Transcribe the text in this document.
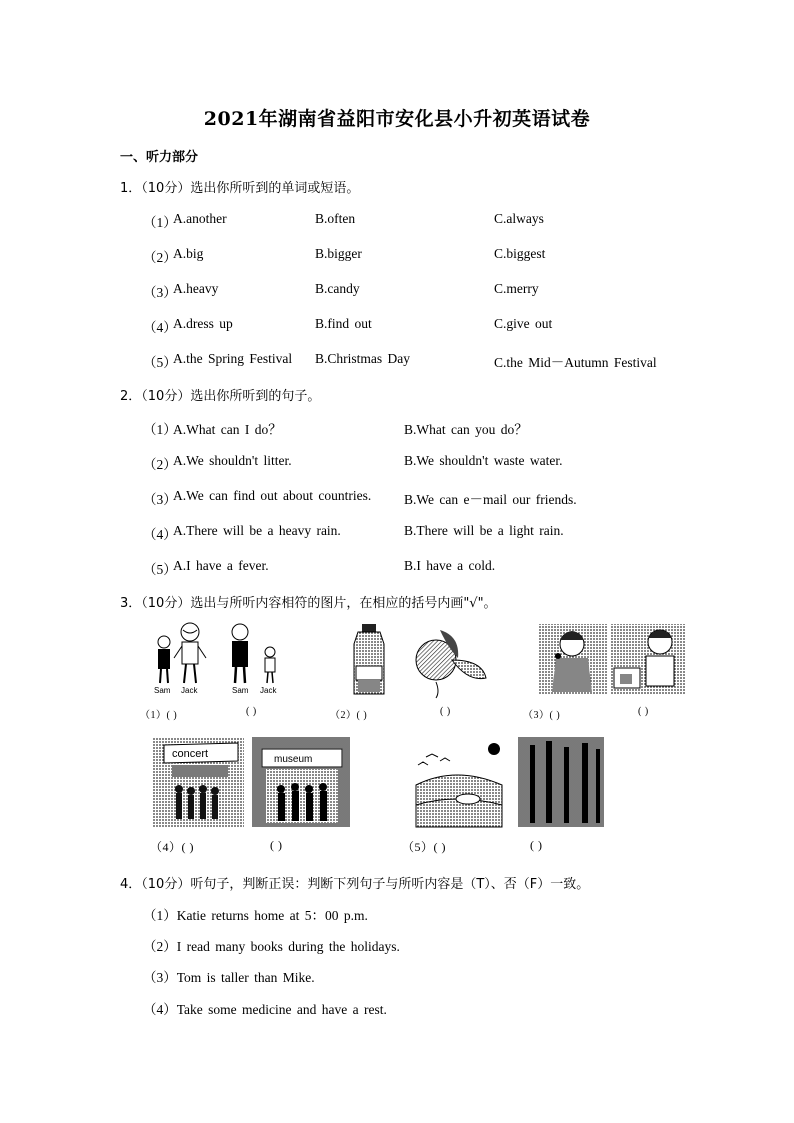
2021年湖南省益阳市安化县小升初英语试卷
一、听力部分
1．（10分）选出你所听到的单词或短语。
（1）
A.another	B.often	C.always
（2）
A.big	B.bigger	C.biggest
（3）
A.heavy	B.candy	C.merry
（4）
A.dress up	B.find out	C.give out
（5）
A.the Spring Festival B.Christmas Day	C.the Mid－Autumn Festival
2．（10分）选出你所听到的句子。
（1）
A.What can I do？	B.What can you do？
（2）
A.We shouldn't litter.	B.We shouldn't waste water.
（3）
A.We can find out about countries. B.We can e－mail our friends.
（4）
A.There will be a heavy rain.	B.There will be a light rain.
（5）
A.I have a fever.	B.I have a cold.
3．（10分）选出与所听内容相符的图片，在相应的括号内画"√"。
Sam Jack	Sam Jack
（1）( )	( )	（2）( )	( )	（3）( )	( )
concert	museum
（4）( )	( )	（5）( )	( )
4．（10分）听句子，判断正误：判断下列句子与所听内容是（T）、否（F）一致。
（1）Katie returns home at 5：00 p.m.
（2）I read many books during the holidays.
（3）Tom is taller than Mike.
（4）Take some medicine and have a rest.
